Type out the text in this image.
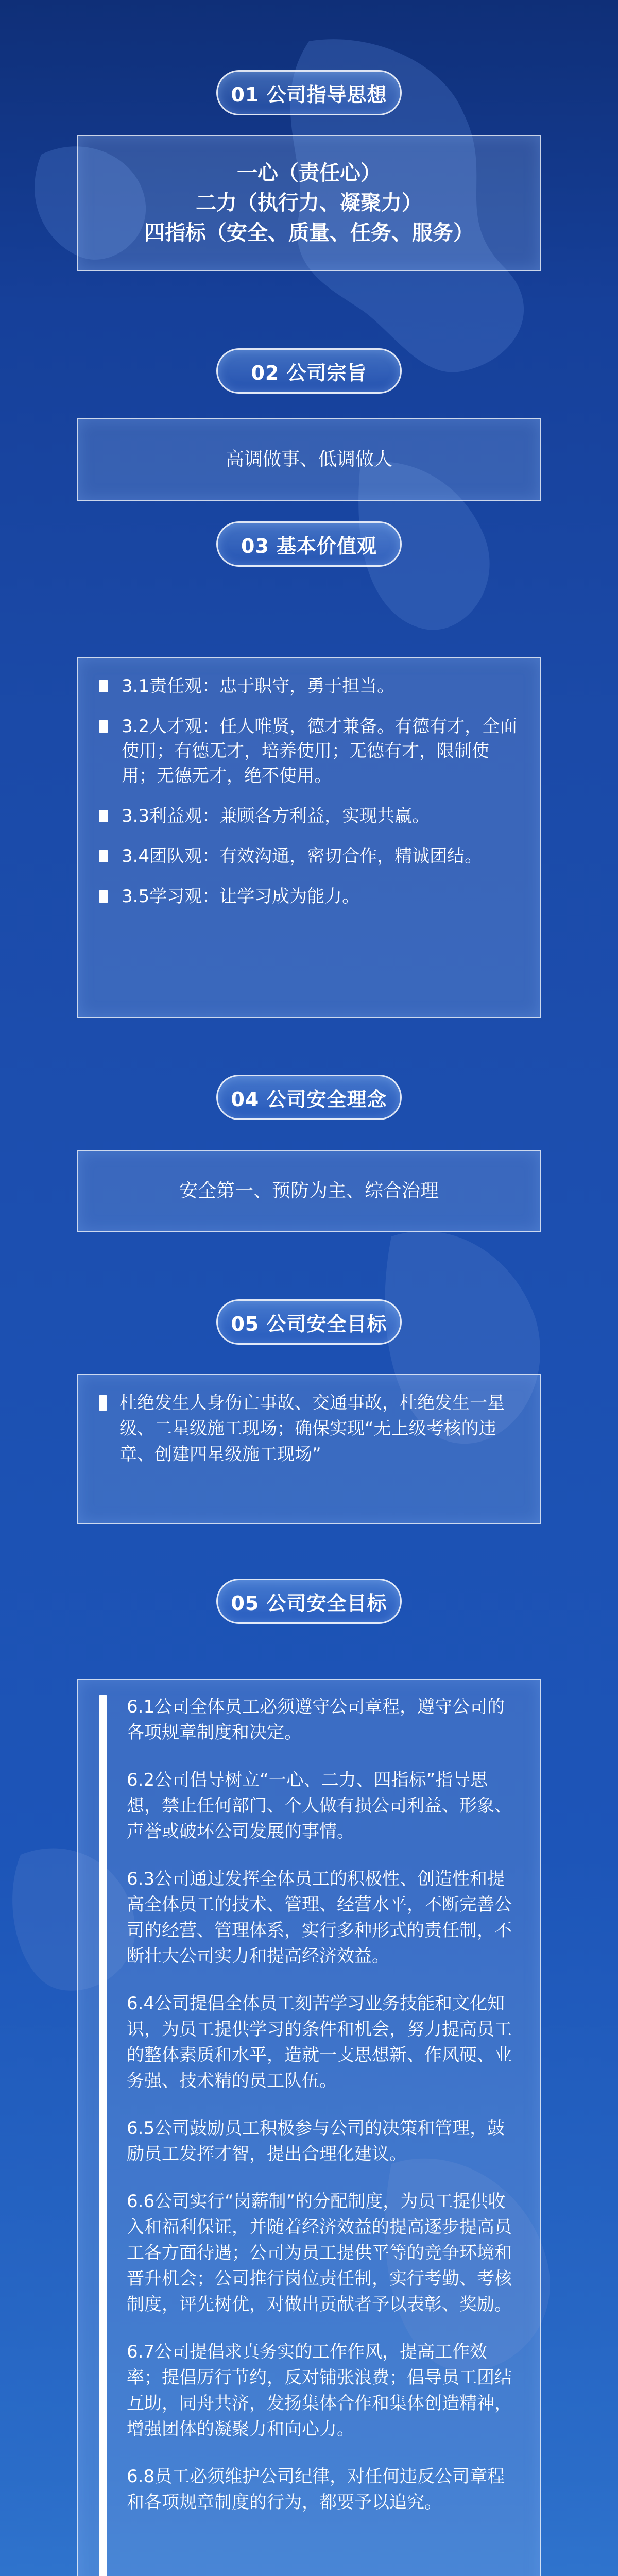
01 公司指导思想
一心（责任心）
二力（执行力、凝聚力）
四指标（安全、质量、任务、服务）
02 公司宗旨
高调做事、低调做人
03 基本价值观
3.1责任观：忠于职守，勇于担当。
3.2人才观：任人唯贤，德才兼备。有德有才，全面使用；有德无才，培养使用；无德有才，限制使用；无德无才，绝不使用。
3.3利益观：兼顾各方利益，实现共赢。
3.4团队观：有效沟通，密切合作，精诚团结。
3.5学习观：让学习成为能力。
04 公司安全理念
安全第一、预防为主、综合治理
05 公司安全目标
杜绝发生人身伤亡事故、交通事故，杜绝发生一星级、二星级施工现场；确保实现“无上级考核的违章、创建四星级施工现场”
05 公司安全目标
6.1公司全体员工必须遵守公司章程，遵守公司的各项规章制度和决定。
6.2公司倡导树立“一心、二力、四指标”指导思想，禁止任何部门、个人做有损公司利益、形象、声誉或破坏公司发展的事情。
6.3公司通过发挥全体员工的积极性、创造性和提高全体员工的技术、管理、经营水平，不断完善公司的经营、管理体系，实行多种形式的责任制，不断壮大公司实力和提高经济效益。
6.4公司提倡全体员工刻苦学习业务技能和文化知识，为员工提供学习的条件和机会，努力提高员工的整体素质和水平，造就一支思想新、作风硬、业务强、技术精的员工队伍。
6.5公司鼓励员工积极参与公司的决策和管理，鼓励员工发挥才智，提出合理化建议。
6.6公司实行“岗薪制”的分配制度，为员工提供收入和福利保证，并随着经济效益的提高逐步提高员工各方面待遇；公司为员工提供平等的竞争环境和晋升机会；公司推行岗位责任制，实行考勤、考核制度，评先树优，对做出贡献者予以表彰、奖励。
6.7公司提倡求真务实的工作作风，提高工作效率；提倡厉行节约，反对铺张浪费；倡导员工团结互助，同舟共济，发扬集体合作和集体创造精神，增强团体的凝聚力和向心力。
6.8员工必须维护公司纪律，对任何违反公司章程和各项规章制度的行为，都要予以追究。
